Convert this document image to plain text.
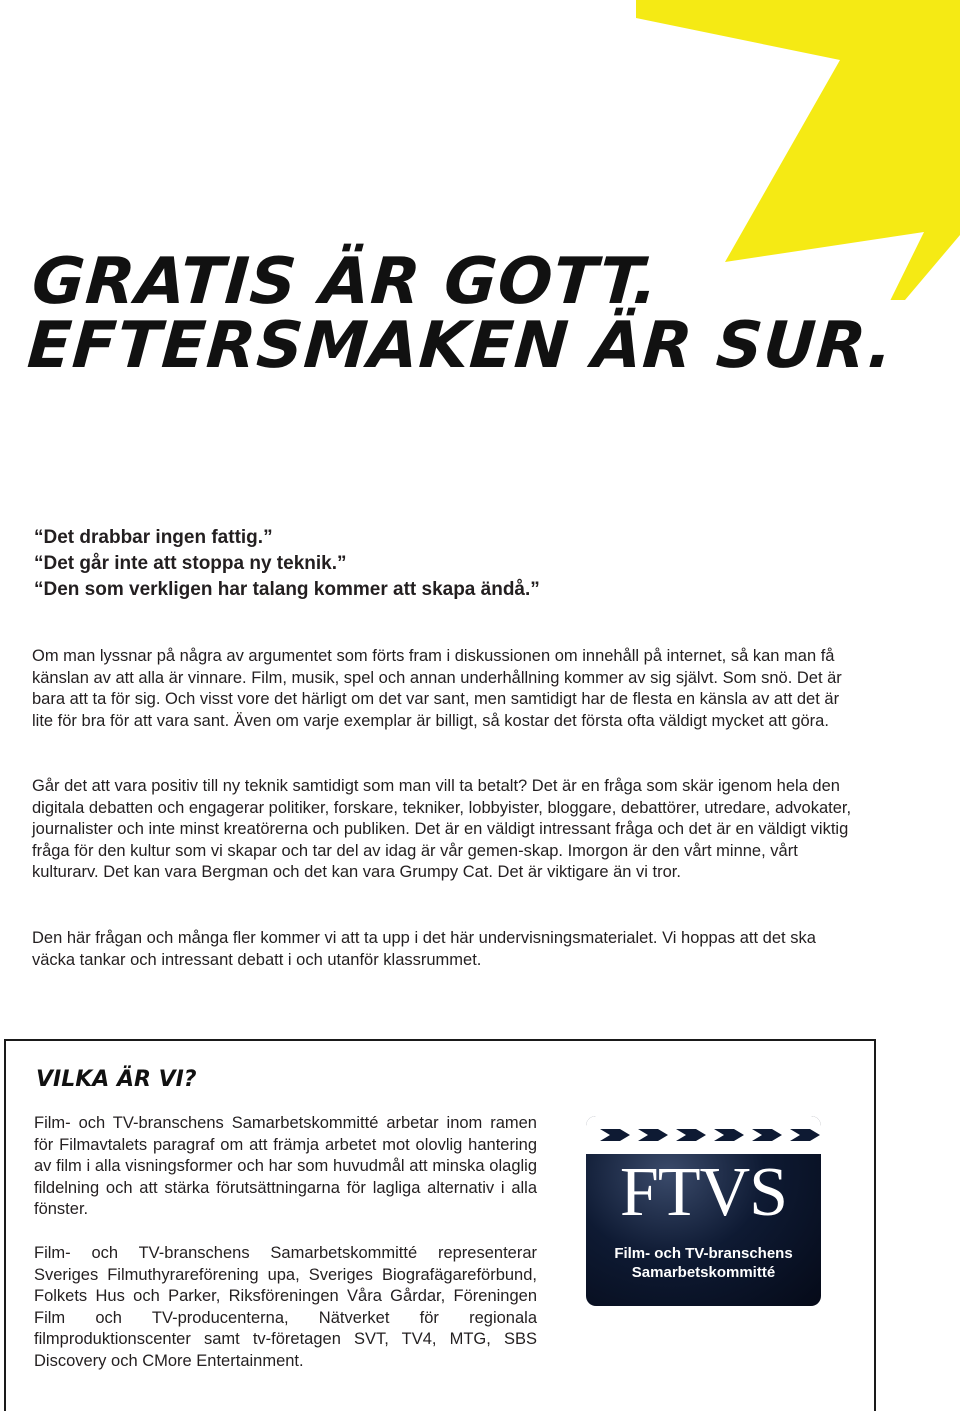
GRATIS ÄR GOTT.
EFTERSMAKEN ÄR SUR.
“Det drabbar ingen fattig.”
“Det går inte att stoppa ny teknik.”
“Den som verkligen har talang kommer att skapa ändå.”

Om man lyssnar på några av argumentet som förts fram i diskussionen om innehåll på internet, så kan man få känslan av att alla är vinnare. Film, musik, spel och annan underhållning kommer av sig självt. Som snö. Det är bara att ta för sig. Och visst vore det härligt om det var sant, men samtidigt har de flesta en känsla av att det är lite för bra för att vara sant. Även om varje exemplar är billigt, så kostar det första ofta väldigt mycket att göra.

Går det att vara positiv till ny teknik samtidigt som man vill ta betalt? Det är en fråga som skär igenom hela den digitala debatten och engagerar politiker, forskare, tekniker, lobbyister, bloggare, debattörer, utredare, advokater, journalister och inte minst kreatörerna och publiken. Det är en väldigt intressant fråga och det är en väldigt viktig fråga för den kultur som vi skapar och tar del av idag är vår gemen-skap. Imorgon är den vårt minne, vårt kulturarv. Det kan vara Bergman och det kan vara Grumpy Cat. Det är viktigare än vi tror.

Den här frågan och många fler kommer vi att ta upp i det här undervisningsmaterialet. Vi hoppas att det ska väcka tankar och intressant debatt i och utanför klassrummet.

VILKA ÄR VI?

Film- och TV-branschens Samarbetskommitté arbetar inom ramen för Filmavtalets paragraf om att främja arbetet mot olovlig hantering av film i alla visningsformer och har som huvudmål att minska olaglig fildelning och att stärka förutsättningarna för lagliga alternativ i alla fönster.

Film- och TV-branschens Samarbetskommitté representerar Sveriges Filmuthyrareförening upa, Sveriges Biografägareförbund, Folkets Hus och Parker, Riksföreningen Våra Gårdar, Föreningen Film och TV-producenterna, Nätverket för regionala filmproduktionscenter samt tv-företagen SVT, TV4, MTG, SBS Discovery och CMore Entertainment.

FTVS
Film- och TV-branschens
Samarbetskommitté
